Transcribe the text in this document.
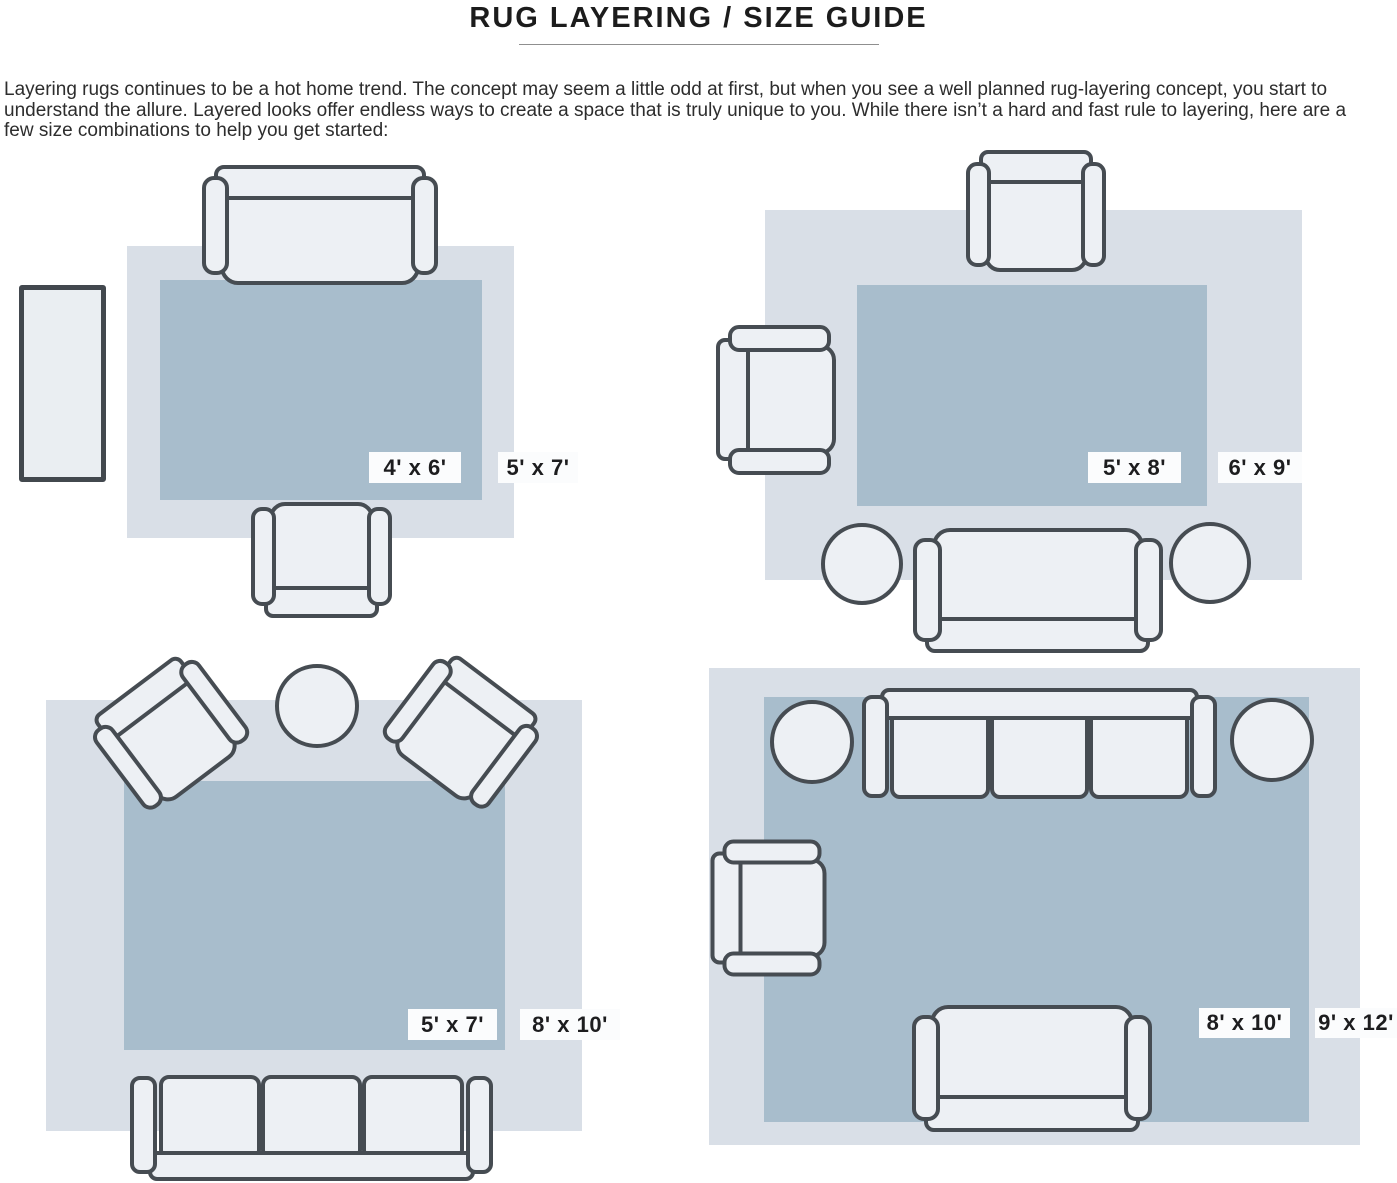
RUG LAYERING / SIZE GUIDE
Layering rugs continues to be a hot home trend. The concept may seem a little odd at first, but when you see a well planned rug-layering concept, you start to understand the allure. Layered looks offer endless ways to create a space that is truly unique to you. While there isn’t a hard and fast rule to layering, here are a few size combinations to help you get started:
4' x 6'	5' x 7'	5' x 8'	6' x 9'
5' x 7'	8' x 10'	8' x 10'	9' x 12'
